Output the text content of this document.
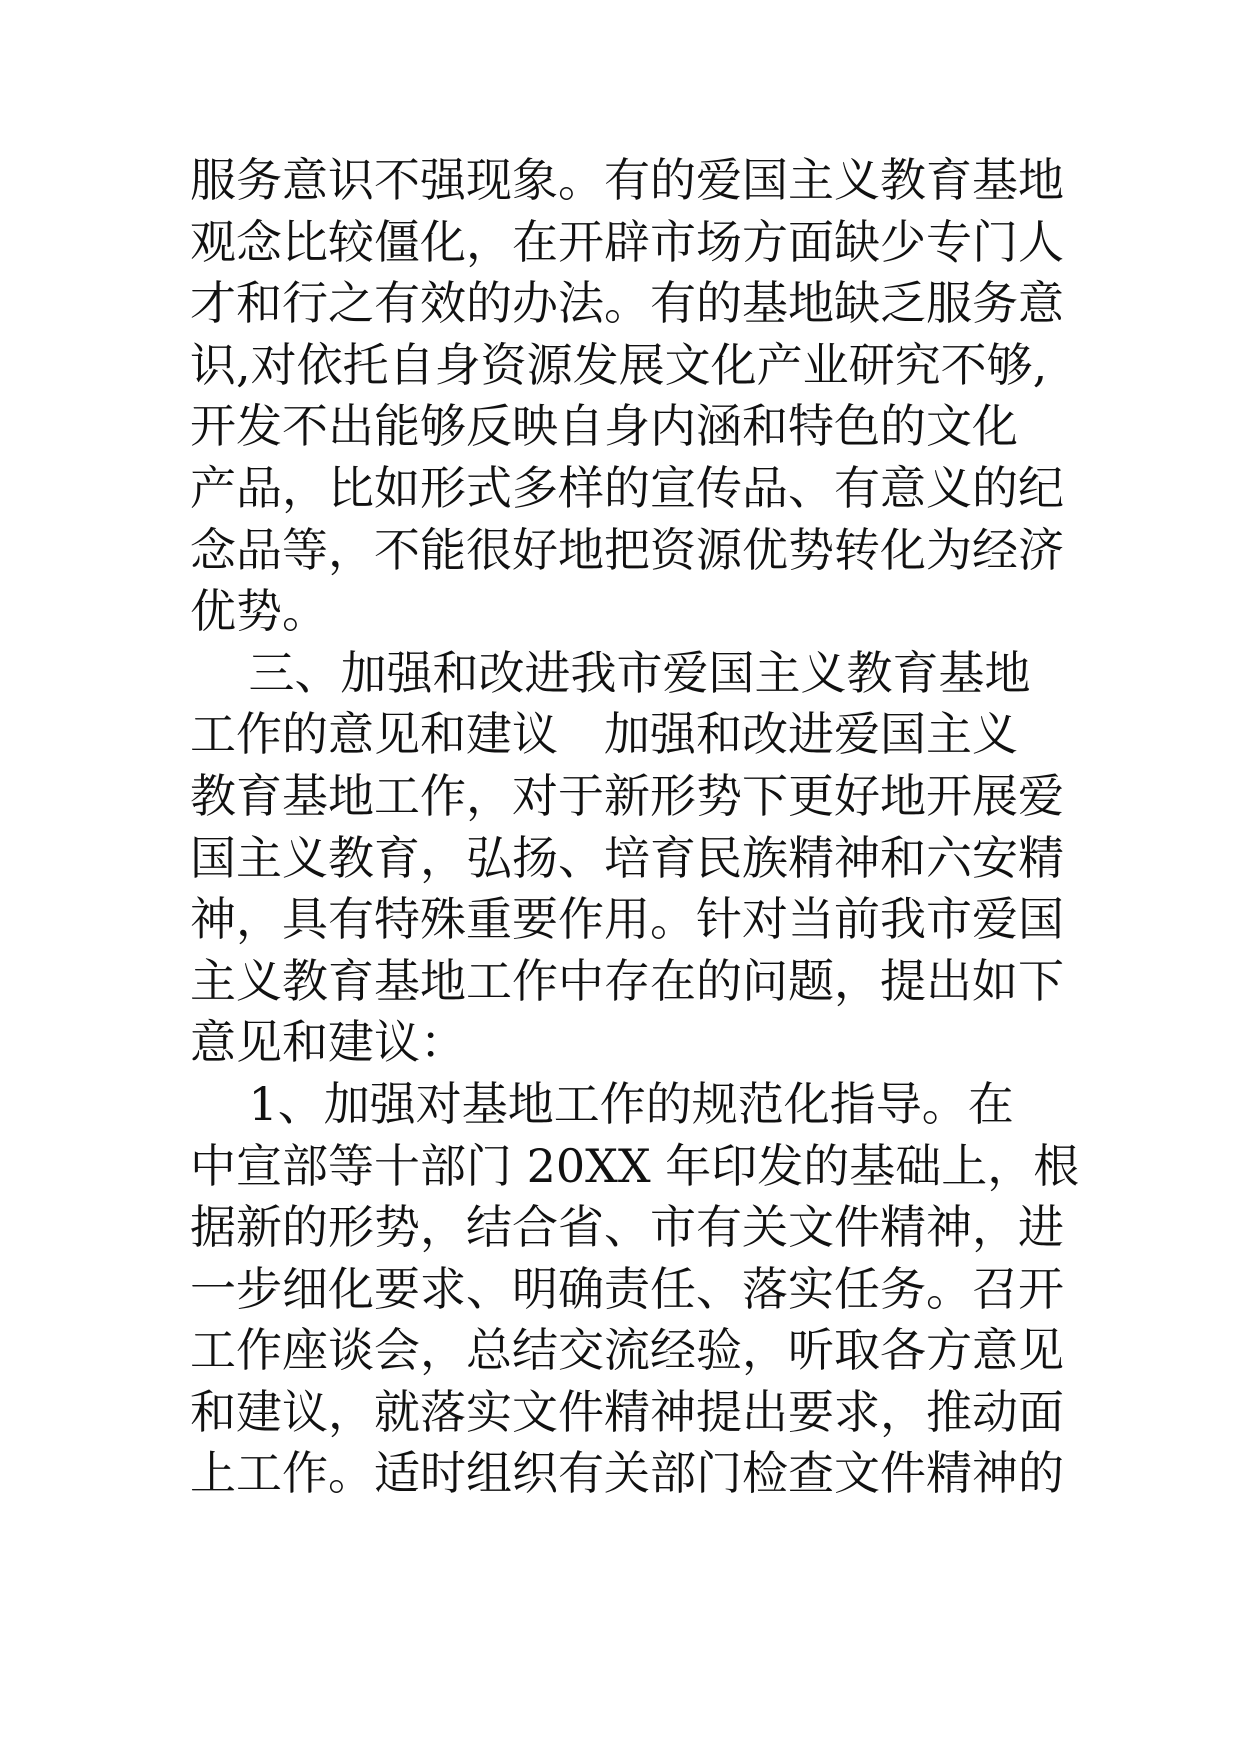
服务意识不强现象。有的爱国主义教育基地
观念比较僵化，在开辟市场方面缺少专门人
才和行之有效的办法。有的基地缺乏服务意
识,对依托自身资源发展文化产业研究不够,
开发不出能够反映自身内涵和特色的文化
产品，比如形式多样的宣传品、有意义的纪
念品等，不能很好地把资源优势转化为经济
优势。
三、加强和改进我市爱国主义教育基地
工作的意见和建议　加强和改进爱国主义
教育基地工作，对于新形势下更好地开展爱
国主义教育，弘扬、培育民族精神和六安精
神，具有特殊重要作用。针对当前我市爱国
主义教育基地工作中存在的问题，提出如下
意见和建议：
1、加强对基地工作的规范化指导。在
中宣部等十部门 20XX 年印发的基础上，根
据新的形势，结合省、市有关文件精神，进
一步细化要求、明确责任、落实任务。召开
工作座谈会，总结交流经验，听取各方意见
和建议，就落实文件精神提出要求，推动面
上工作。适时组织有关部门检查文件精神的
